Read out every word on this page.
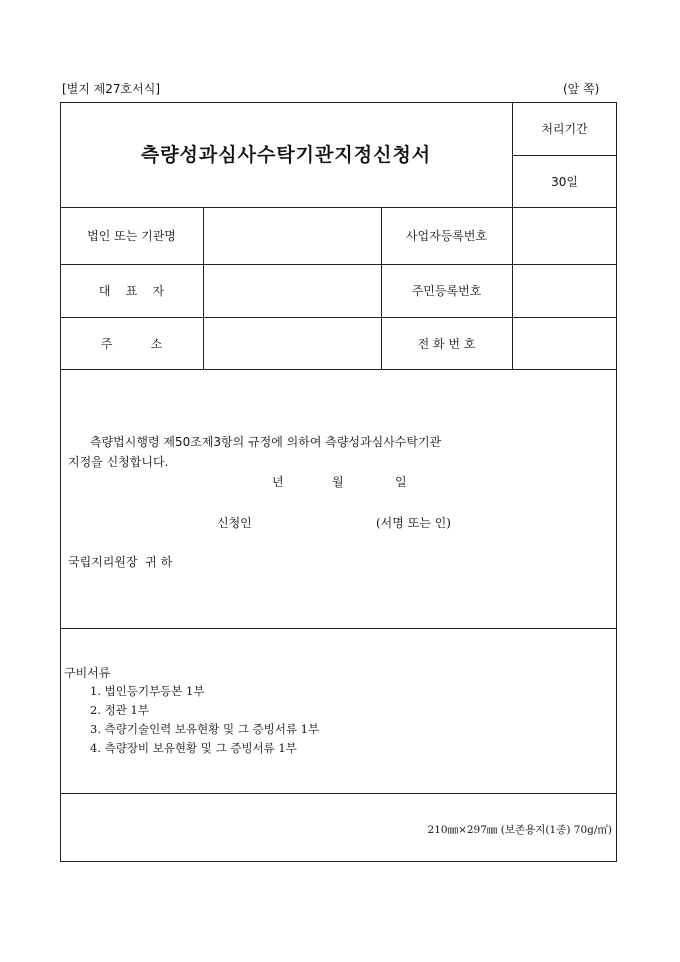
[별지 제27호서식]	(앞 쪽)
측량성과심사수탁기관지정신청서
처리기간
30일
법인 또는 기관명	사업자등록번호
대    표    자	주민등록번호
주          소	전 화 번 호
측량법시행령 제50조제3항의 규정에 의하여 측량성과심사수탁기관
지정을 신청합니다.
년	월	일
신청인	(서명 또는 인)
국립지리원장  귀 하
구비서류
1. 법인등기부등본 1부
2. 정관 1부
3. 측량기술인력 보유현황 및 그 증빙서류 1부
4. 측량장비 보유현황 및 그 증빙서류 1부
210㎜×297㎜ (보존용지(1종) 70g/㎡)
